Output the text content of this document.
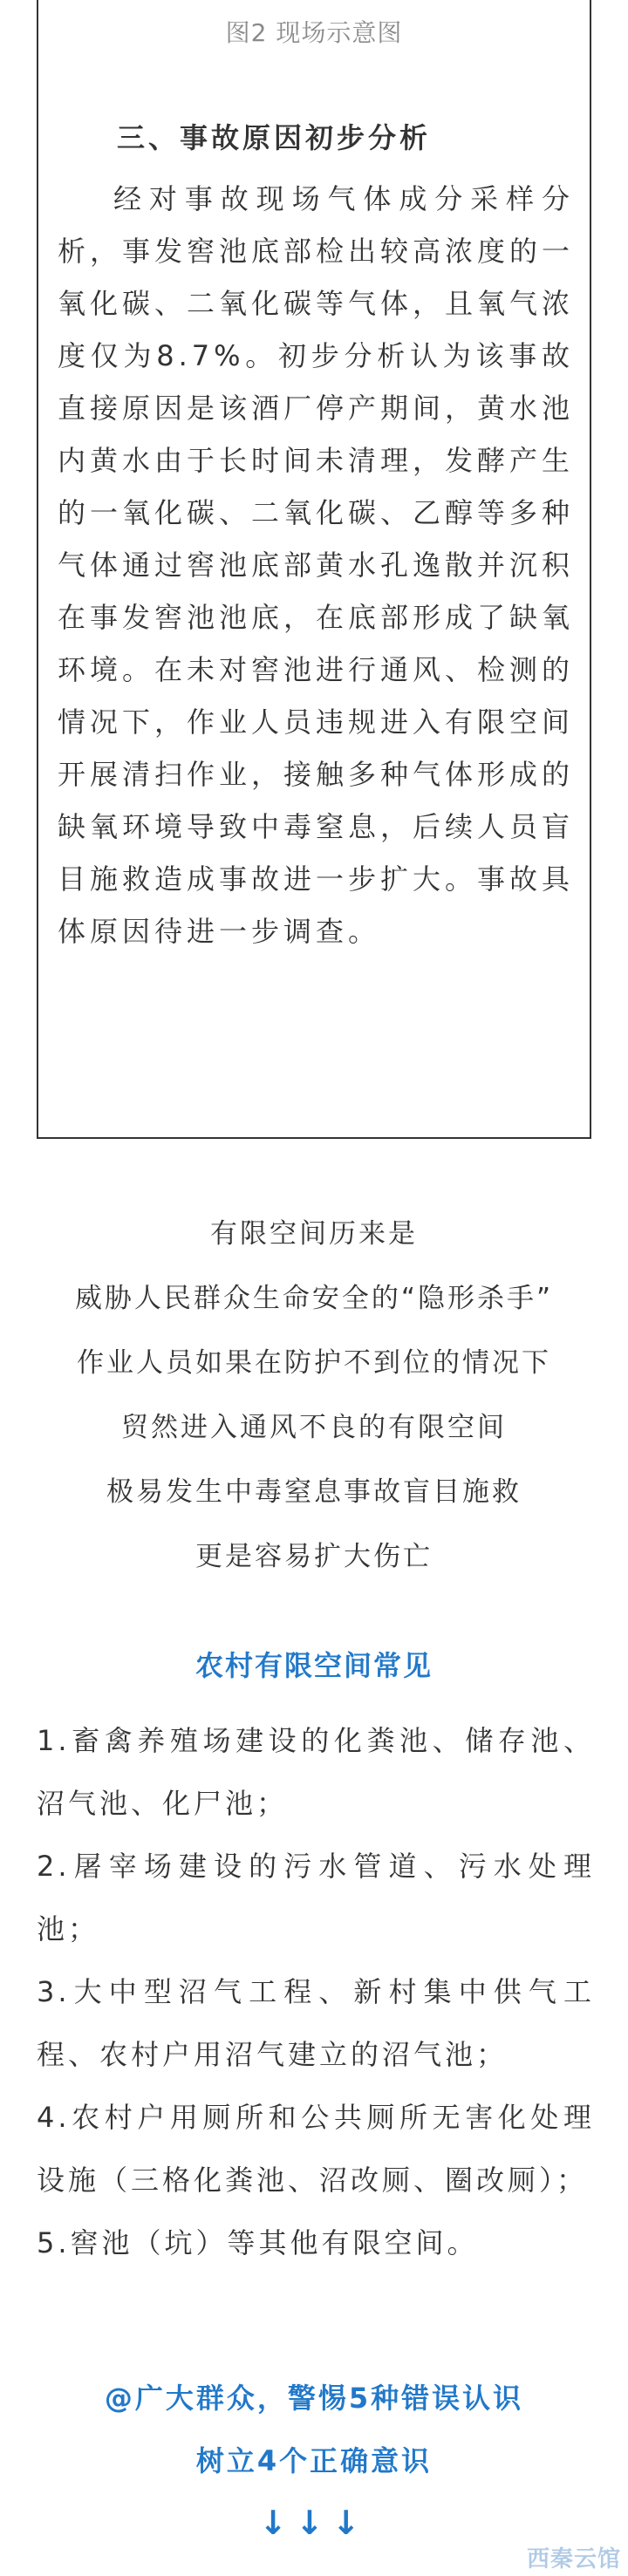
图2 现场示意图
三、事故原因初步分析

经对事故现场气体成分采样分析，事发窖池底部检出较高浓度的一氧化碳、二氧化碳等气体，且氧气浓度仅为8.7%。初步分析认为该事故直接原因是该酒厂停产期间，黄水池内黄水由于长时间未清理，发酵产生的一氧化碳、二氧化碳、乙醇等多种气体通过窖池底部黄水孔逸散并沉积在事发窖池池底，在底部形成了缺氧环境。在未对窖池进行通风、检测的情况下，作业人员违规进入有限空间开展清扫作业，接触多种气体形成的缺氧环境导致中毒窒息，后续人员盲目施救造成事故进一步扩大。事故具体原因待进一步调查。

有限空间历来是
威胁人民群众生命安全的“隐形杀手”
作业人员如果在防护不到位的情况下
贸然进入通风不良的有限空间
极易发生中毒窒息事故盲目施救
更是容易扩大伤亡
农村有限空间常见

1.畜禽养殖场建设的化粪池、储存池、沼气池、化尸池；

2.屠宰场建设的污水管道、污水处理池；

3.大中型沼气工程、新村集中供气工程、农村户用沼气建立的沼气池；

4.农村户用厕所和公共厕所无害化处理设施（三格化粪池、沼改厕、圈改厕）；

5.窖池（坑）等其他有限空间。

@广大群众，警惕5种错误认识
树立4个正确意识
↓↓↓
西秦云馆
